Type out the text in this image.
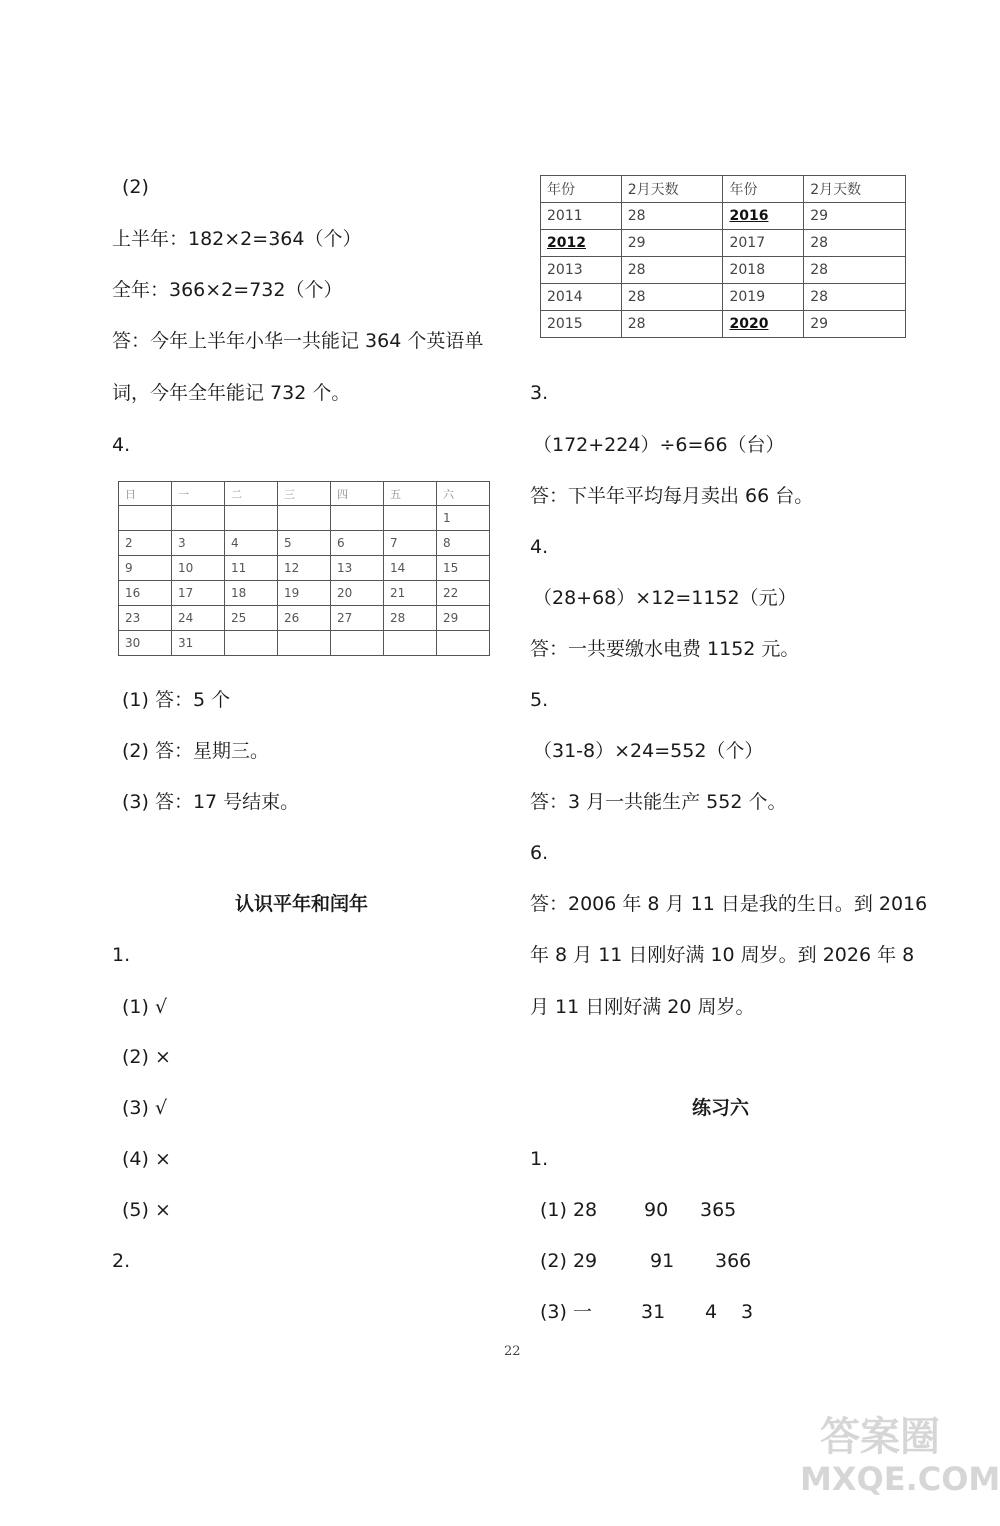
(2)
上半年：182×2=364（个）
全年：366×2=732（个）
答：今年上半年小华一共能记 364 个英语单
词，今年全年能记 732 个。
4.
日	一	二	三	四	五	六
						1
2	3	4	5	6	7	8
9	10	11	12	13	14	15
16	17	18	19	20	21	22
23	24	25	26	27	28	29
30	31					
(1) 答：5 个
(2) 答：星期三。
(3) 答：17 号结束。
认识平年和闰年
1.
(1) √
(2) ×
(3) √
(4) ×
(5) ×
2.
年份	2月天数	年份	2月天数
2011	28	2016	29
2012	29	2017	28
2013	28	2018	28
2014	28	2019	28
2015	28	2020	29
3.
（172+224）÷6=66（台）
答：下半年平均每月卖出 66 台。
4.
（28+68）×12=1152（元）
答：一共要缴水电费 1152 元。
5.
（31-8）×24=552（个）
答：3 月一共能生产 552 个。
6.
答：2006 年 8 月 11 日是我的生日。到 2016
年 8 月 11 日刚好满 10 周岁。到 2026 年 8
月 11 日刚好满 20 周岁。
练习六
1.
(1) 28 90 365
(2) 29	91 366
(3) 一	31 4 3
22
答案圈
MXQE.COM
